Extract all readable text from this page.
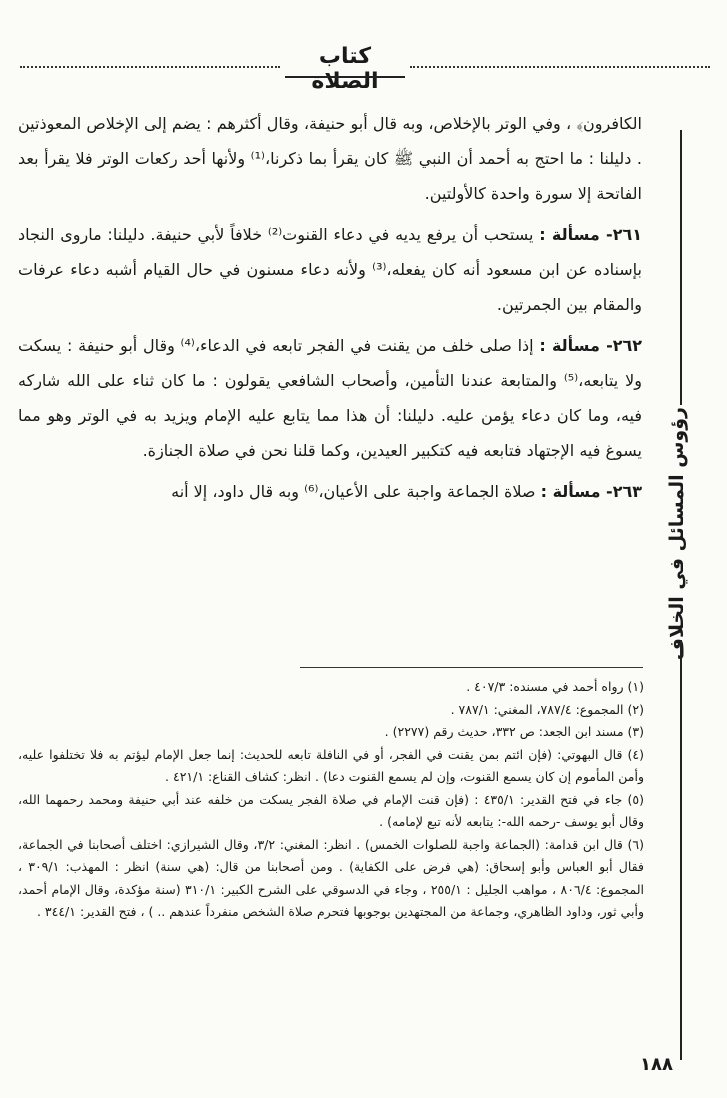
كتاب الصلاة
رؤوس المسائل في الخلاف

الكافرون﴾ ، وفي الوتر بالإخلاص، وبه قال أبو حنيفة، وقال أكثرهم : يضم إلى الإخلاص المعوذتين . دليلنا : ما احتج به أحمد أن النبي ﷺ كان يقرأ بما ذكرنا،⁽¹⁾ ولأنها أحد ركعات الوتر فلا يقرأ بعد الفاتحة إلا سورة واحدة كالأولتين.

٢٦١- مسألة : يستحب أن يرفع يديه في دعاء القنوت⁽²⁾ خلافاً لأبي حنيفة. دليلنا: ماروى النجاد بإسناده عن ابن مسعود أنه كان يفعله،⁽³⁾ ولأنه دعاء مسنون في حال القيام أشبه دعاء عرفات والمقام بين الجمرتين.

٢٦٢- مسألة : إذا صلى خلف من يقنت في الفجر تابعه في الدعاء،⁽⁴⁾ وقال أبو حنيفة : يسكت ولا يتابعه،⁽⁵⁾ والمتابعة عندنا التأمين، وأصحاب الشافعي يقولون : ما كان ثناء على الله شاركه فيه، وما كان دعاء يؤمن عليه. دليلنا: أن هذا مما يتابع عليه الإمام ويزيد به في الوتر وهو مما يسوغ فيه الإجتهاد فتابعه فيه كتكبير العيدين، وكما قلنا نحن في صلاة الجنازة.

٢٦٣- مسألة : صلاة الجماعة واجبة على الأعيان،⁽⁶⁾ وبه قال داود، إلا أنه

(١) رواه أحمد في مسنده: ٤٠٧/٣ .

(٢) المجموع: ٧٨٧/٤، المغني: ٧٨٧/١ .

(٣) مسند ابن الجعد: ص ٣٣٢، حديث رقم (٢٢٧٧) .

(٤) قال البهوتي: (فإن ائتم بمن يقنت في الفجر، أو في النافلة تابعه للحديث: إنما جعل الإمام ليؤتم به فلا تختلفوا عليه، وأمن المأموم إن كان يسمع القنوت، وإن لم يسمع القنوت دعا) . انظر: كشاف القناع: ٤٢١/١ .

(٥) جاء في فتح القدير: ٤٣٥/١ : (فإن قنت الإمام في صلاة الفجر يسكت من خلفه عند أبي حنيفة ومحمد رحمهما الله، وقال أبو يوسف -رحمه الله-: يتابعه لأنه تبع لإمامه) .

(٦) قال ابن قدامة: (الجماعة واجبة للصلوات الخمس) . انظر: المغني: ٣/٢، وقال الشيرازي: اختلف أصحابنا في الجماعة، فقال أبو العباس وأبو إسحاق: (هي فرض على الكفاية) . ومن أصحابنا من قال: (هي سنة) انظر : المهذب: ٣٠٩/١ ، المجموع: ٨٠٦/٤ ، مواهب الجليل : ٢٥٥/١ ، وجاء في الدسوقي على الشرح الكبير: ٣١٠/١ (سنة مؤكدة، وقال الإمام أحمد، وأبي ثور، وداود الظاهري، وجماعة من المجتهدين بوجوبها فتحرم صلاة الشخص منفرداً عندهم .. ) ، فتح القدير: ٣٤٤/١ .

١٨٨
